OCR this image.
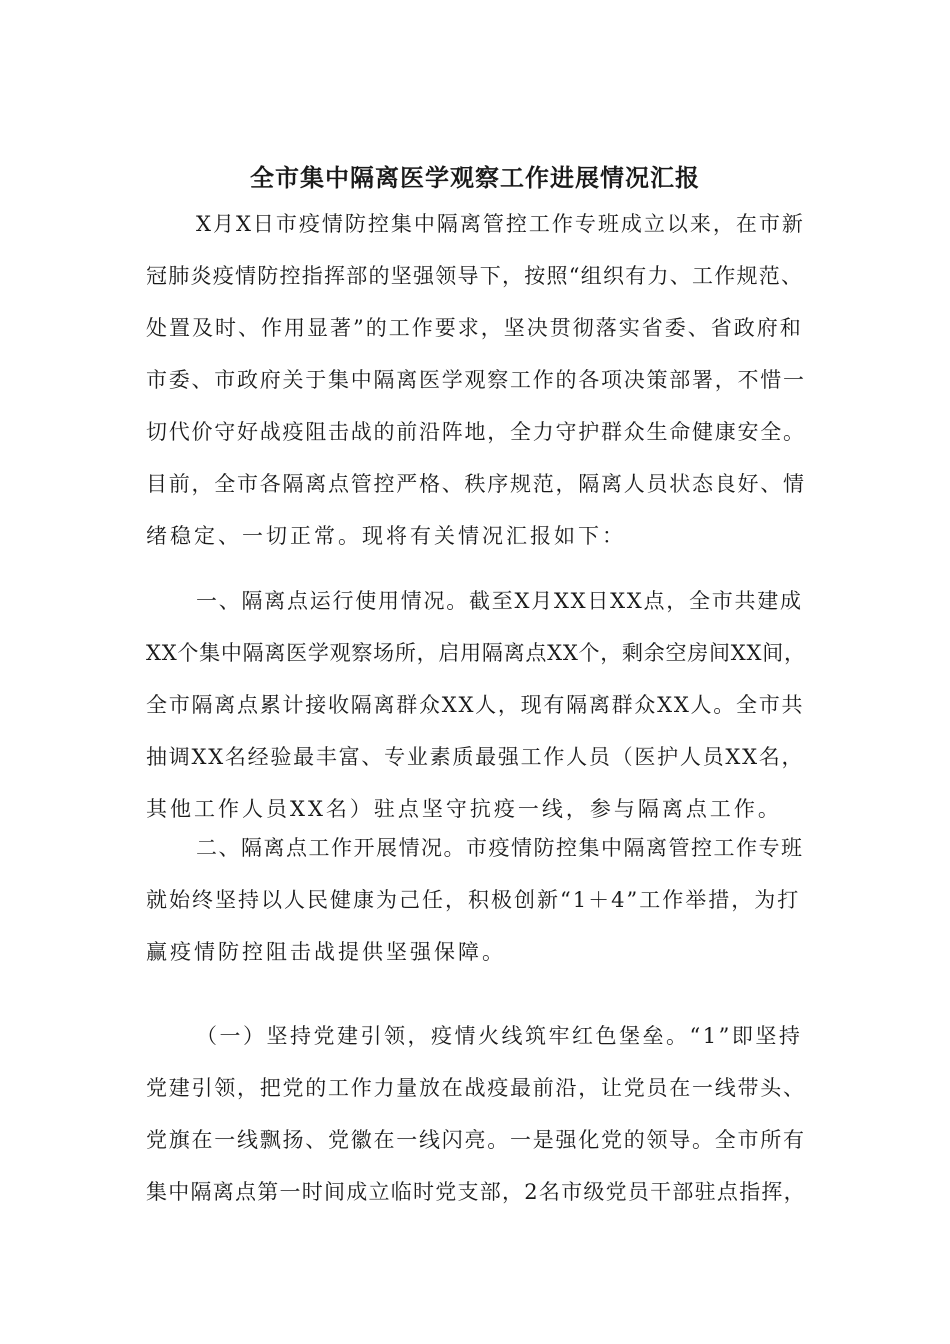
全市集中隔离医学观察工作进展情况汇报
X月X日市疫情防控集中隔离管控工作专班成立以来，在市新
冠肺炎疫情防控指挥部的坚强领导下，按照“组织有力、工作规范、
处置及时、作用显著”的工作要求，坚决贯彻落实省委、省政府和
市委、市政府关于集中隔离医学观察工作的各项决策部署，不惜一
切代价守好战疫阻击战的前沿阵地，全力守护群众生命健康安全。
目前，全市各隔离点管控严格、秩序规范，隔离人员状态良好、情
绪稳定、一切正常。现将有关情况汇报如下：
一、隔离点运行使用情况。截至X月XX日XX点，全市共建成
XX个集中隔离医学观察场所，启用隔离点XX个，剩余空房间XX间，
全市隔离点累计接收隔离群众XX人，现有隔离群众XX人。全市共
抽调XX名经验最丰富、专业素质最强工作人员（医护人员XX名，
其他工作人员XX名）驻点坚守抗疫一线，参与隔离点工作。
二、隔离点工作开展情况。市疫情防控集中隔离管控工作专班
就始终坚持以人民健康为己任，积极创新“1＋4”工作举措，为打
赢疫情防控阻击战提供坚强保障。
（一）坚持党建引领，疫情火线筑牢红色堡垒。“1”即坚持
党建引领，把党的工作力量放在战疫最前沿，让党员在一线带头、
党旗在一线飘扬、党徽在一线闪亮。一是强化党的领导。全市所有
集中隔离点第一时间成立临时党支部，2名市级党员干部驻点指挥，
